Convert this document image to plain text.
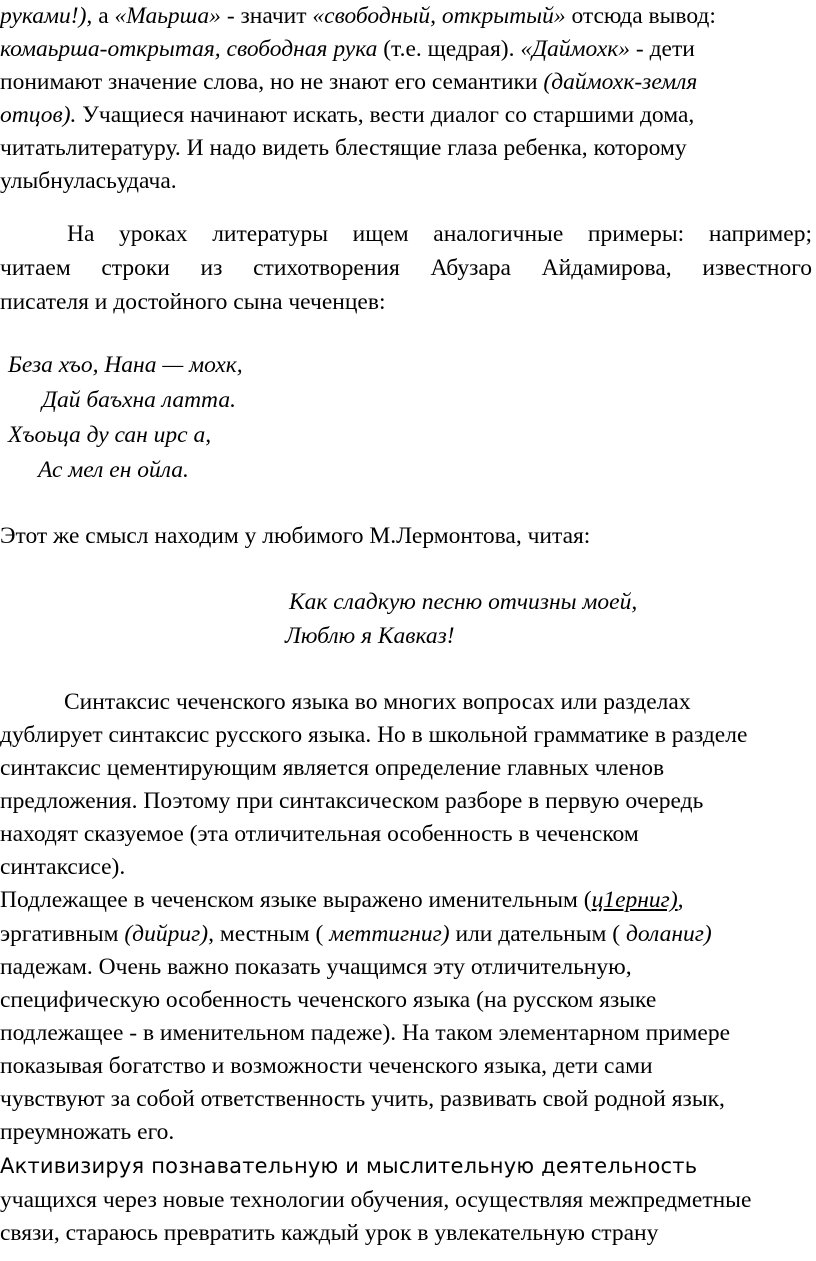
руками!), а «Маьрша» - значит «свободный, открытый» отсюда вывод:
комаьрша-открытая, свободная рука (т.е. щедрая). «Даймохк» - дети
понимают значение слова, но не знают его семантики (даймохк-земля
отцов). Учащиеся начинают искать, вести диалог со старшими дома,
читатьлитературу. И надо видеть блестящие глаза ребенка, которому
улыбнуласьудача.
На уроках литературы ищем аналогичные примеры: например;
читаем строки из стихотворения Абузара Айдамирова, известного
писателя и достойного сына чеченцев:
Беза хъо, Нана — мохк,
Дай баъхна латта.
Хъоьца ду сан ирс а,
Ас мел ен ойла.
Этот же смысл находим у любимого М.Лермонтова, читая:
Как сладкую песню отчизны моей,
Люблю я Кавказ!
Синтаксис чеченского языка во многих вопросах или разделах
дублирует синтаксис русского языка. Но в школьной грамматике в разделе
синтаксис цементирующим является определение главных членов
предложения. Поэтому при синтаксическом разборе в первую очередь
находят сказуемое (эта отличительная особенность в чеченском
синтаксисе).
Подлежащее в чеченском языке выражено именительным (ц1ерниг),
эргативным (дийриг), местным ( меттигниг) или дательным ( доланиг)
падежам. Очень важно показать учащимся эту отличительную,
специфическую особенность чеченского языка (на русском языке
подлежащее - в именительном падеже). На таком элементарном примере
показывая богатство и возможности чеченского языка, дети сами
чувствуют за собой ответственность учить, развивать свой родной язык,
преумножать его.
Активизируя познавательную и мыслительную деятельность
учащихся через новые технологии обучения, осуществляя межпредметные
связи, стараюсь превратить каждый урок в увлекательную страну
